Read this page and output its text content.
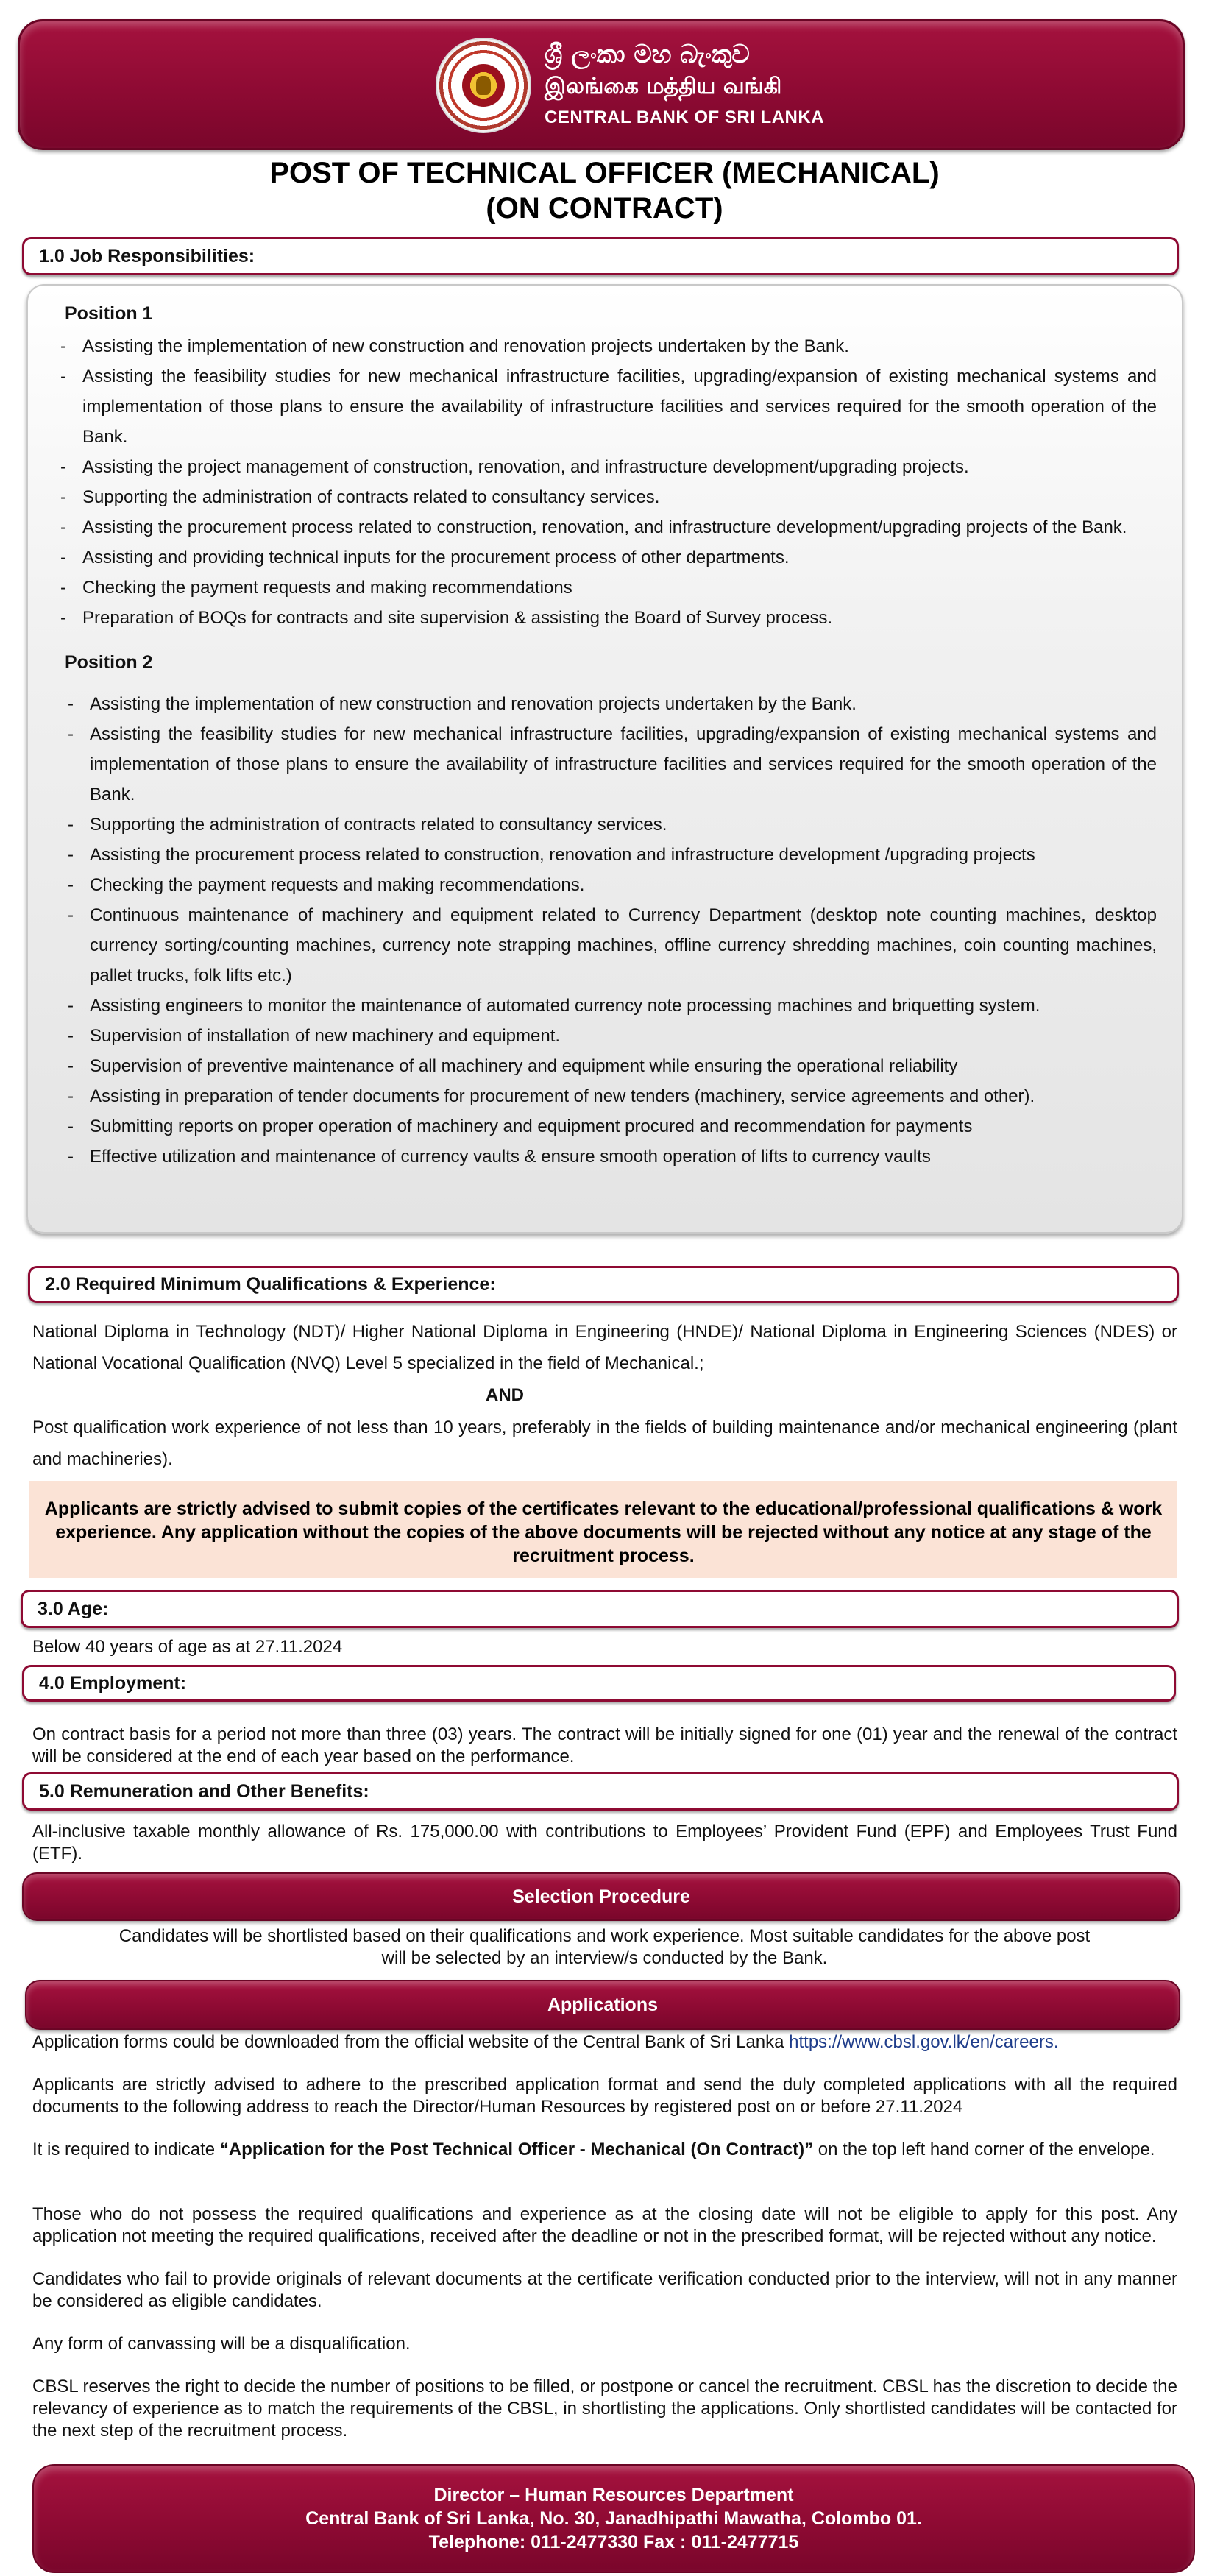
ශ්‍රී ලංකා මහ බැංකුව
இலங்கை மத்திய வங்கி
CENTRAL BANK OF SRI LANKA
POST OF TECHNICAL OFFICER (MECHANICAL)
(ON CONTRACT)
1.0 Job Responsibilities:
Position 1
- Assisting the implementation of new construction and renovation projects undertaken by the Bank.
- Assisting the feasibility studies for new mechanical infrastructure facilities, upgrading/expansion of existing mechanical systems and implementation of those plans to ensure the availability of infrastructure facilities and services required for the smooth operation of the Bank.
- Assisting the project management of construction, renovation, and infrastructure development/upgrading projects.
- Supporting the administration of contracts related to consultancy services.
- Assisting the procurement process related to construction, renovation, and infrastructure development/upgrading projects of the Bank.
- Assisting and providing technical inputs for the procurement process of other departments.
- Checking the payment requests and making recommendations
- Preparation of BOQs for contracts and site supervision & assisting the Board of Survey process.
Position 2
- Assisting the implementation of new construction and renovation projects undertaken by the Bank.
- Assisting the feasibility studies for new mechanical infrastructure facilities, upgrading/expansion of existing mechanical systems and implementation of those plans to ensure the availability of infrastructure facilities and services required for the smooth operation of the Bank.
- Supporting the administration of contracts related to consultancy services.
- Assisting the procurement process related to construction, renovation and infrastructure development /upgrading projects
- Checking the payment requests and making recommendations.
- Continuous maintenance of machinery and equipment related to Currency Department (desktop note counting machines, desktop currency sorting/counting machines, currency note strapping machines, offline currency shredding machines, coin counting machines, pallet trucks, folk lifts etc.)
- Assisting engineers to monitor the maintenance of automated currency note processing machines and briquetting system.
- Supervision of installation of new machinery and equipment.
- Supervision of preventive maintenance of all machinery and equipment while ensuring the operational reliability
- Assisting in preparation of tender documents for procurement of new tenders (machinery, service agreements and other).
- Submitting reports on proper operation of machinery and equipment procured and recommendation for payments
- Effective utilization and maintenance of currency vaults & ensure smooth operation of lifts to currency vaults
2.0 Required Minimum Qualifications & Experience:
National Diploma in Technology (NDT)/ Higher National Diploma in Engineering (HNDE)/ National Diploma in Engineering Sciences (NDES) or National Vocational Qualification (NVQ) Level 5 specialized in the field of Mechanical.;
AND
Post qualification work experience of not less than 10 years, preferably in the fields of building maintenance and/or mechanical engineering (plant and machineries).
Applicants are strictly advised to submit copies of the certificates relevant to the educational/professional qualifications & work experience. Any application without the copies of the above documents will be rejected without any notice at any stage of the recruitment process.
3.0 Age:
Below 40 years of age as at 27.11.2024
4.0 Employment:
On contract basis for a period not more than three (03) years. The contract will be initially signed for one (01) year and the renewal of the contract will be considered at the end of each year based on the performance.
5.0 Remuneration and Other Benefits:
All-inclusive taxable monthly allowance of Rs. 175,000.00 with contributions to Employees’ Provident Fund (EPF) and Employees Trust Fund (ETF).
Selection Procedure
Candidates will be shortlisted based on their qualifications and work experience. Most suitable candidates for the above post
will be selected by an interview/s conducted by the Bank.
Applications
Application forms could be downloaded from the official website of the Central Bank of Sri Lanka https://www.cbsl.gov.lk/en/careers.
Applicants are strictly advised to adhere to the prescribed application format and send the duly completed applications with all the required documents to the following address to reach the Director/Human Resources by registered post on or before 27.11.2024
It is required to indicate “Application for the Post Technical Officer - Mechanical (On Contract)” on the top left hand corner of the envelope.
Those who do not possess the required qualifications and experience as at the closing date will not be eligible to apply for this post. Any application not meeting the required qualifications, received after the deadline or not in the prescribed format, will be rejected without any notice.
Candidates who fail to provide originals of relevant documents at the certificate verification conducted prior to the interview, will not in any manner be considered as eligible candidates.
Any form of canvassing will be a disqualification.
CBSL reserves the right to decide the number of positions to be filled, or postpone or cancel the recruitment. CBSL has the discretion to decide the relevancy of experience as to match the requirements of the CBSL, in shortlisting the applications. Only shortlisted candidates will be contacted for the next step of the recruitment process.
Director – Human Resources Department
Central Bank of Sri Lanka, No. 30, Janadhipathi Mawatha, Colombo 01.
Telephone: 011-2477330 Fax : 011-2477715
